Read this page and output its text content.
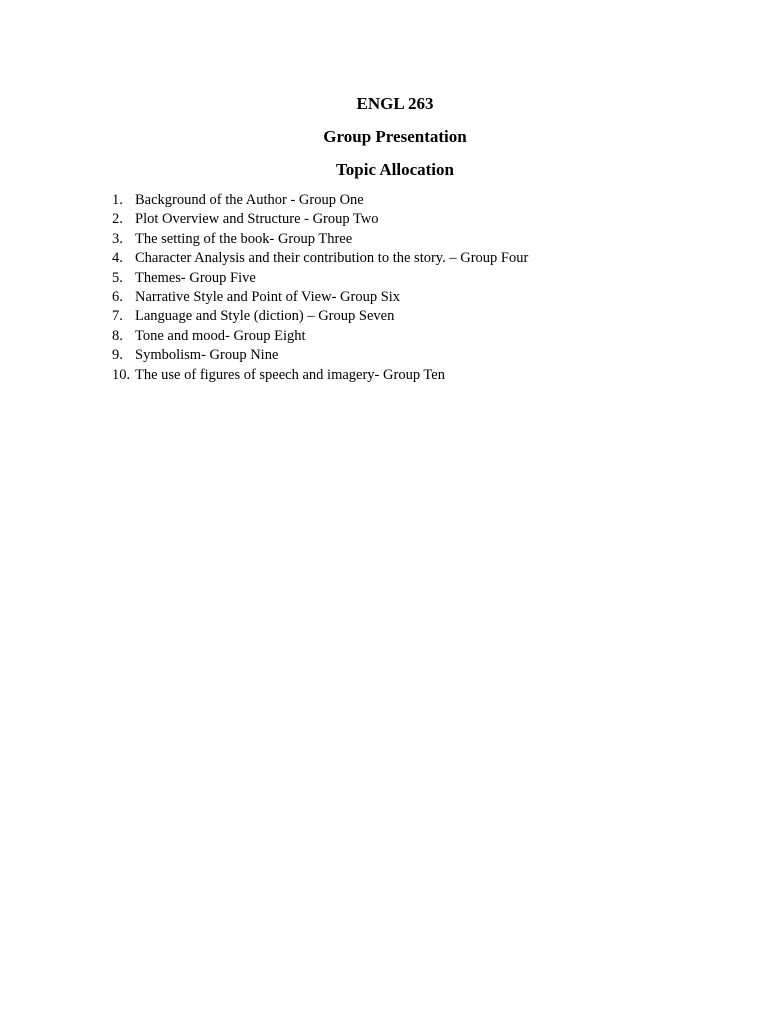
ENGL 263
Group Presentation
Topic Allocation
1. Background of the Author - Group One
2. Plot Overview and Structure - Group Two
3. The setting of the book- Group Three
4. Character Analysis and their contribution to the story. – Group Four
5. Themes- Group Five
6. Narrative Style and Point of View- Group Six
7. Language and Style (diction) – Group Seven
8. Tone and mood- Group Eight
9. Symbolism- Group Nine
10. The use of figures of speech and imagery- Group Ten
